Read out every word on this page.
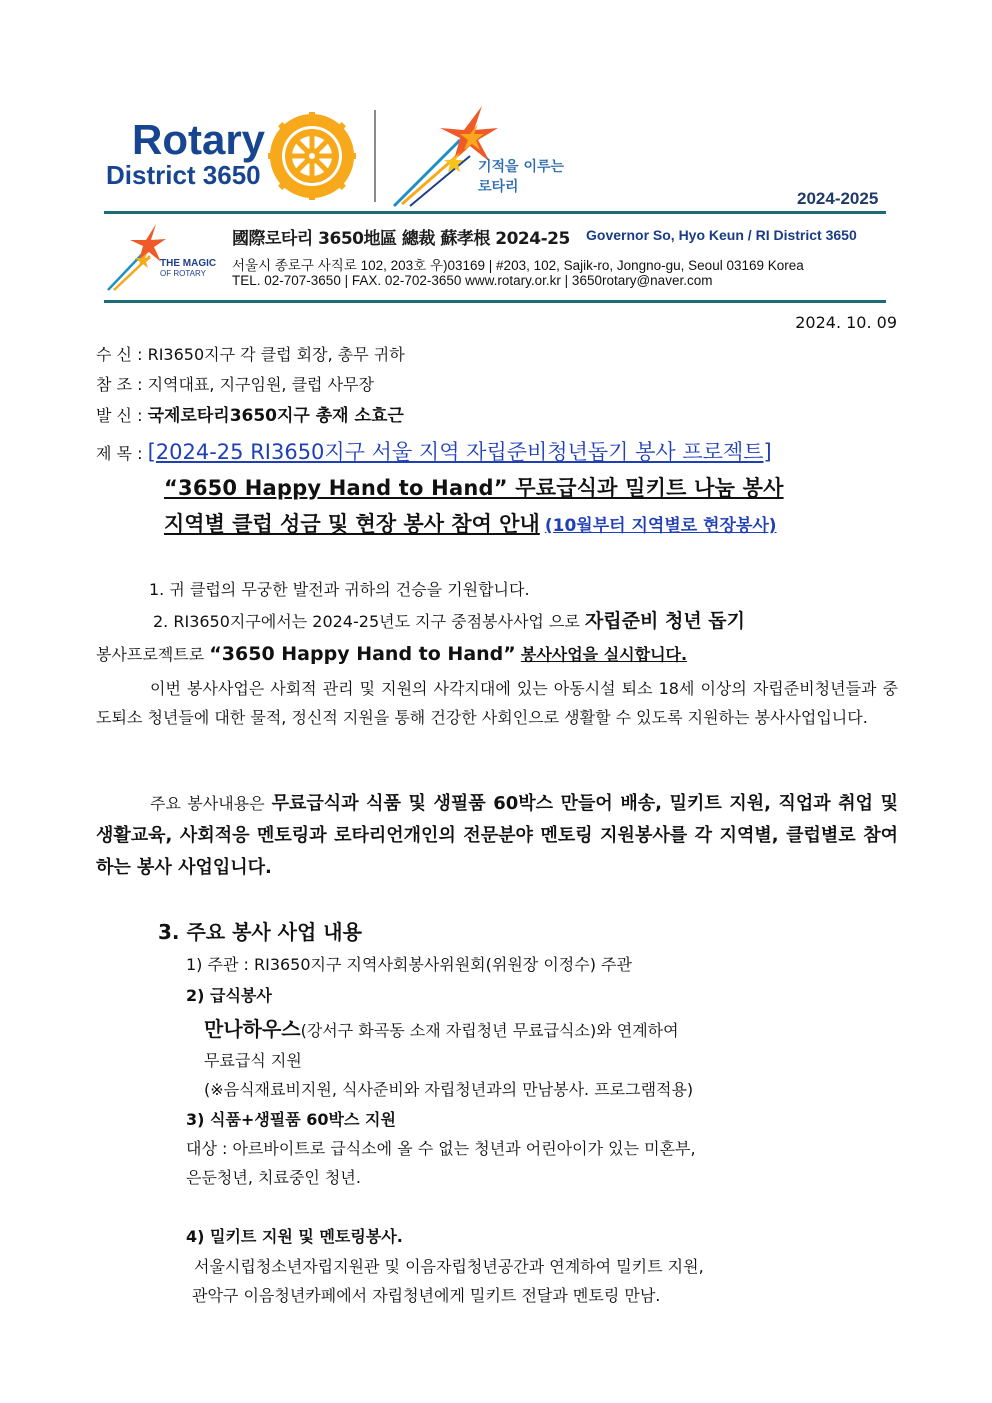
Rotary
District 3650	기적을 이루는
로타리
2024-2025
THE MAGIC
OF ROTARY
國際로타리 3650地區 總裁 蘇孝根 2024-25 Governor So, Hyo Keun / RI District 3650
서울시 종로구 사직로 102, 203호 우)03169 | #203, 102, Sajik-ro, Jongno-gu, Seoul 03169 Korea
TEL. 02-707-3650 | FAX. 02-702-3650 www.rotary.or.kr | 3650rotary@naver.com
2024. 10. 09
수 신 : RI3650지구 각 클럽 회장, 총무 귀하
참 조 : 지역대표, 지구임원, 클럽 사무장
발 신 : 국제로타리3650지구 총재 소효근
제 목 : [2024-25 RI3650지구 서울 지역 자립준비청년돕기 봉사 프로젝트]
“3650 Happy Hand to Hand” 무료급식과 밀키트 나눔 봉사
지역별 클럽 성금 및 현장 봉사 참여 안내 (10월부터 지역별로 현장봉사)
1. 귀 클럽의 무궁한 발전과 귀하의 건승을 기원합니다.
2. RI3650지구에서는 2024-25년도 지구 중점봉사사업 으로 자립준비 청년 돕기
봉사프로젝트로 “3650 Happy Hand to Hand” 봉사사업을 실시합니다.
이번 봉사사업은 사회적 관리 및 지원의 사각지대에 있는 아동시설 퇴소 18세 이상의 자립준비청년들과 중도퇴소 청년들에 대한 물적, 정신적 지원을 통해 건강한 사회인으로 생활할 수 있도록 지원하는 봉사사업입니다.
주요 봉사내용은 무료급식과 식품 및 생필품 60박스 만들어 배송, 밀키트 지원, 직업과 취업 및 생활교육, 사회적응 멘토링과 로타리언개인의 전문분야 멘토링 지원봉사를 각 지역별, 클럽별로 참여하는 봉사 사업입니다.
3. 주요 봉사 사업 내용
1) 주관 : RI3650지구 지역사회봉사위원회(위원장 이정수) 주관
2) 급식봉사
만나하우스(강서구 화곡동 소재 자립청년 무료급식소)와 연계하여
무료급식 지원
(※음식재료비지원, 식사준비와 자립청년과의 만남봉사. 프로그램적용)
3) 식품+생필품 60박스 지원
대상 : 아르바이트로 급식소에 올 수 없는 청년과 어린아이가 있는 미혼부,
은둔청년, 치료중인 청년.
4) 밀키트 지원 및 멘토링봉사.
서울시립청소년자립지원관 및 이음자립청년공간과 연계하여 밀키트 지원,
관악구 이음청년카페에서 자립청년에게 밀키트 전달과 멘토링 만남.
